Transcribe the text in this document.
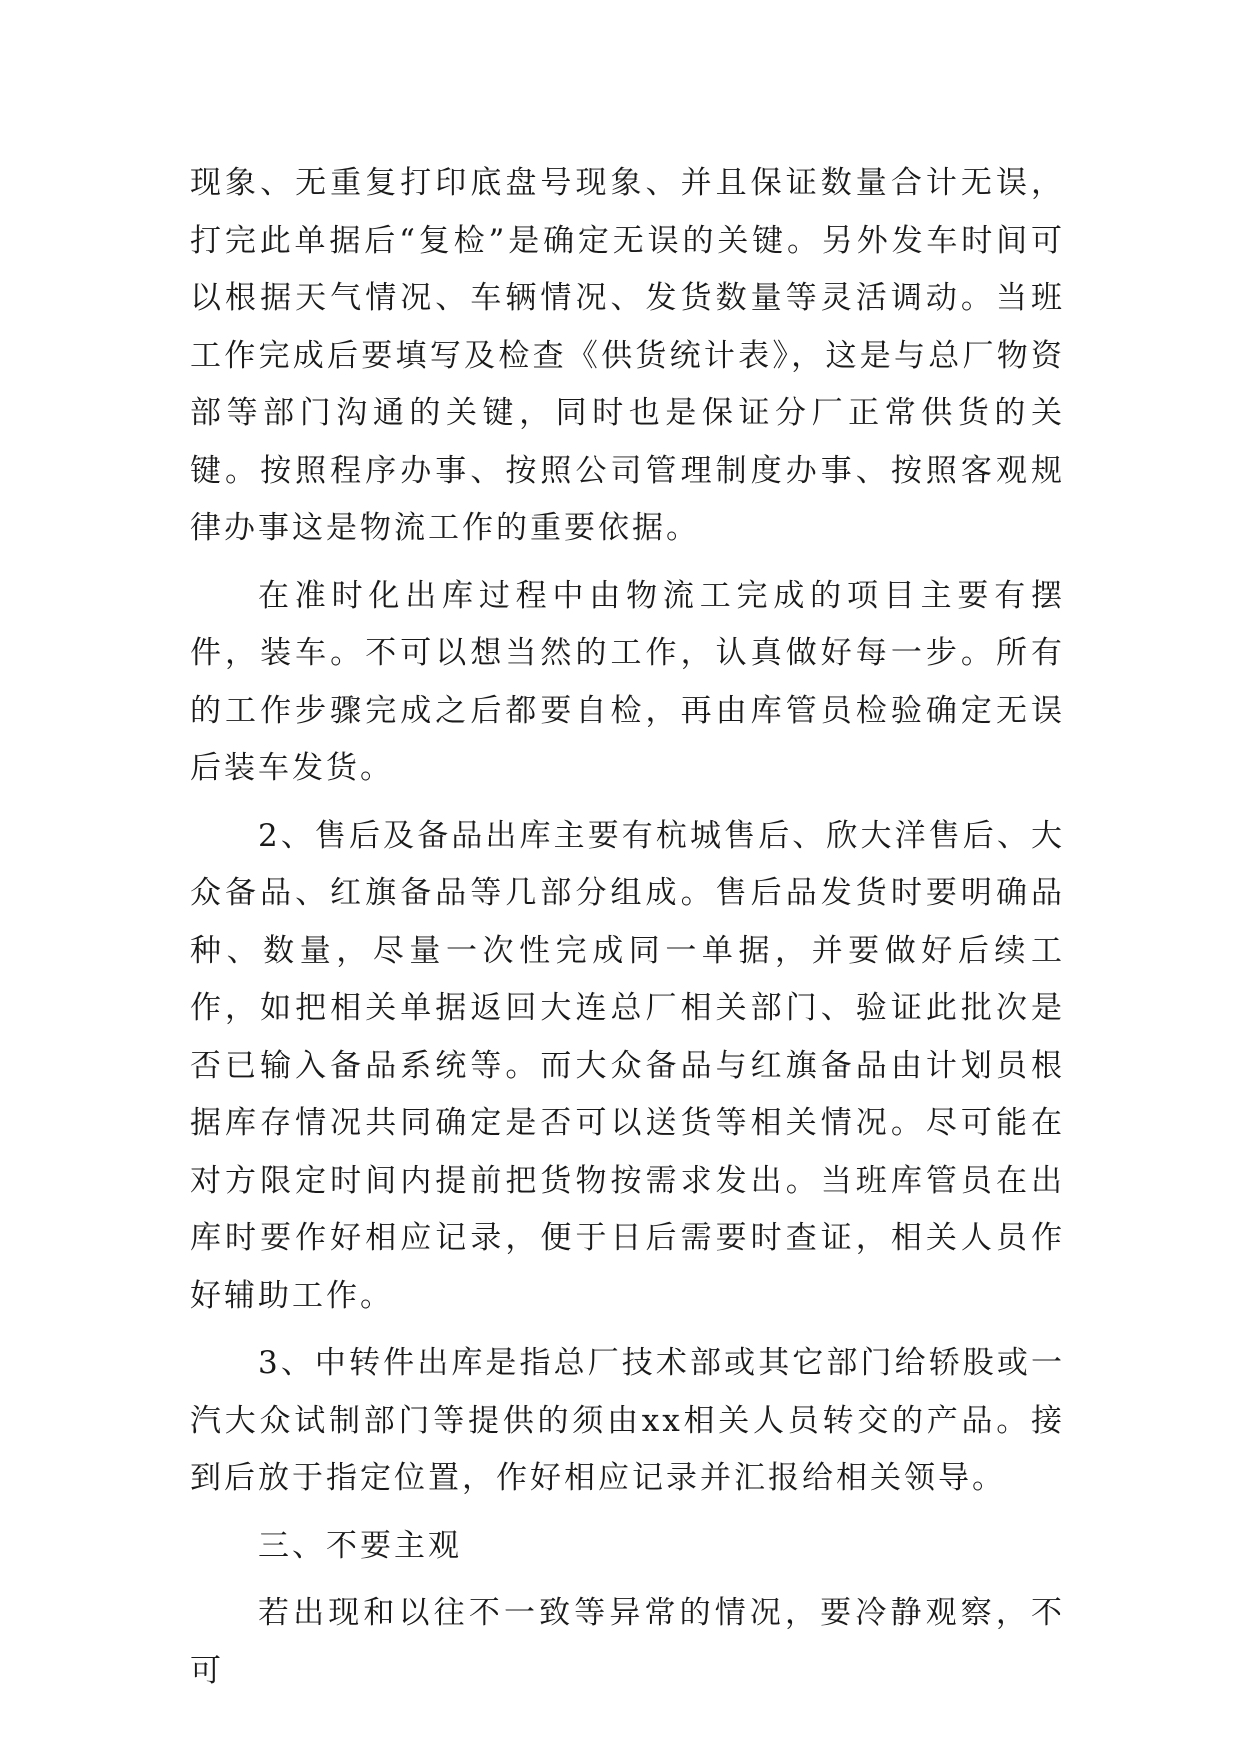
现象、无重复打印底盘号现象、并且保证数量合计无误，打完此单据后“复检”是确定无误的关键。另外发车时间可以根据天气情况、车辆情况、发货数量等灵活调动。当班工作完成后要填写及检查《供货统计表》，这是与总厂物资部等部门沟通的关键，同时也是保证分厂正常供货的关键。按照程序办事、按照公司管理制度办事、按照客观规律办事这是物流工作的重要依据。

在准时化出库过程中由物流工完成的项目主要有摆件，装车。不可以想当然的工作，认真做好每一步。所有的工作步骤完成之后都要自检，再由库管员检验确定无误后装车发货。

2、售后及备品出库主要有杭城售后、欣大洋售后、大众备品、红旗备品等几部分组成。售后品发货时要明确品种、数量，尽量一次性完成同一单据，并要做好后续工作，如把相关单据返回大连总厂相关部门、验证此批次是否已输入备品系统等。而大众备品与红旗备品由计划员根据库存情况共同确定是否可以送货等相关情况。尽可能在对方限定时间内提前把货物按需求发出。当班库管员在出库时要作好相应记录，便于日后需要时查证，相关人员作好辅助工作。

3、中转件出库是指总厂技术部或其它部门给轿股或一汽大众试制部门等提供的须由xx相关人员转交的产品。接到后放于指定位置，作好相应记录并汇报给相关领导。

三、不要主观

若出现和以往不一致等异常的情况，要冷静观察，不可
